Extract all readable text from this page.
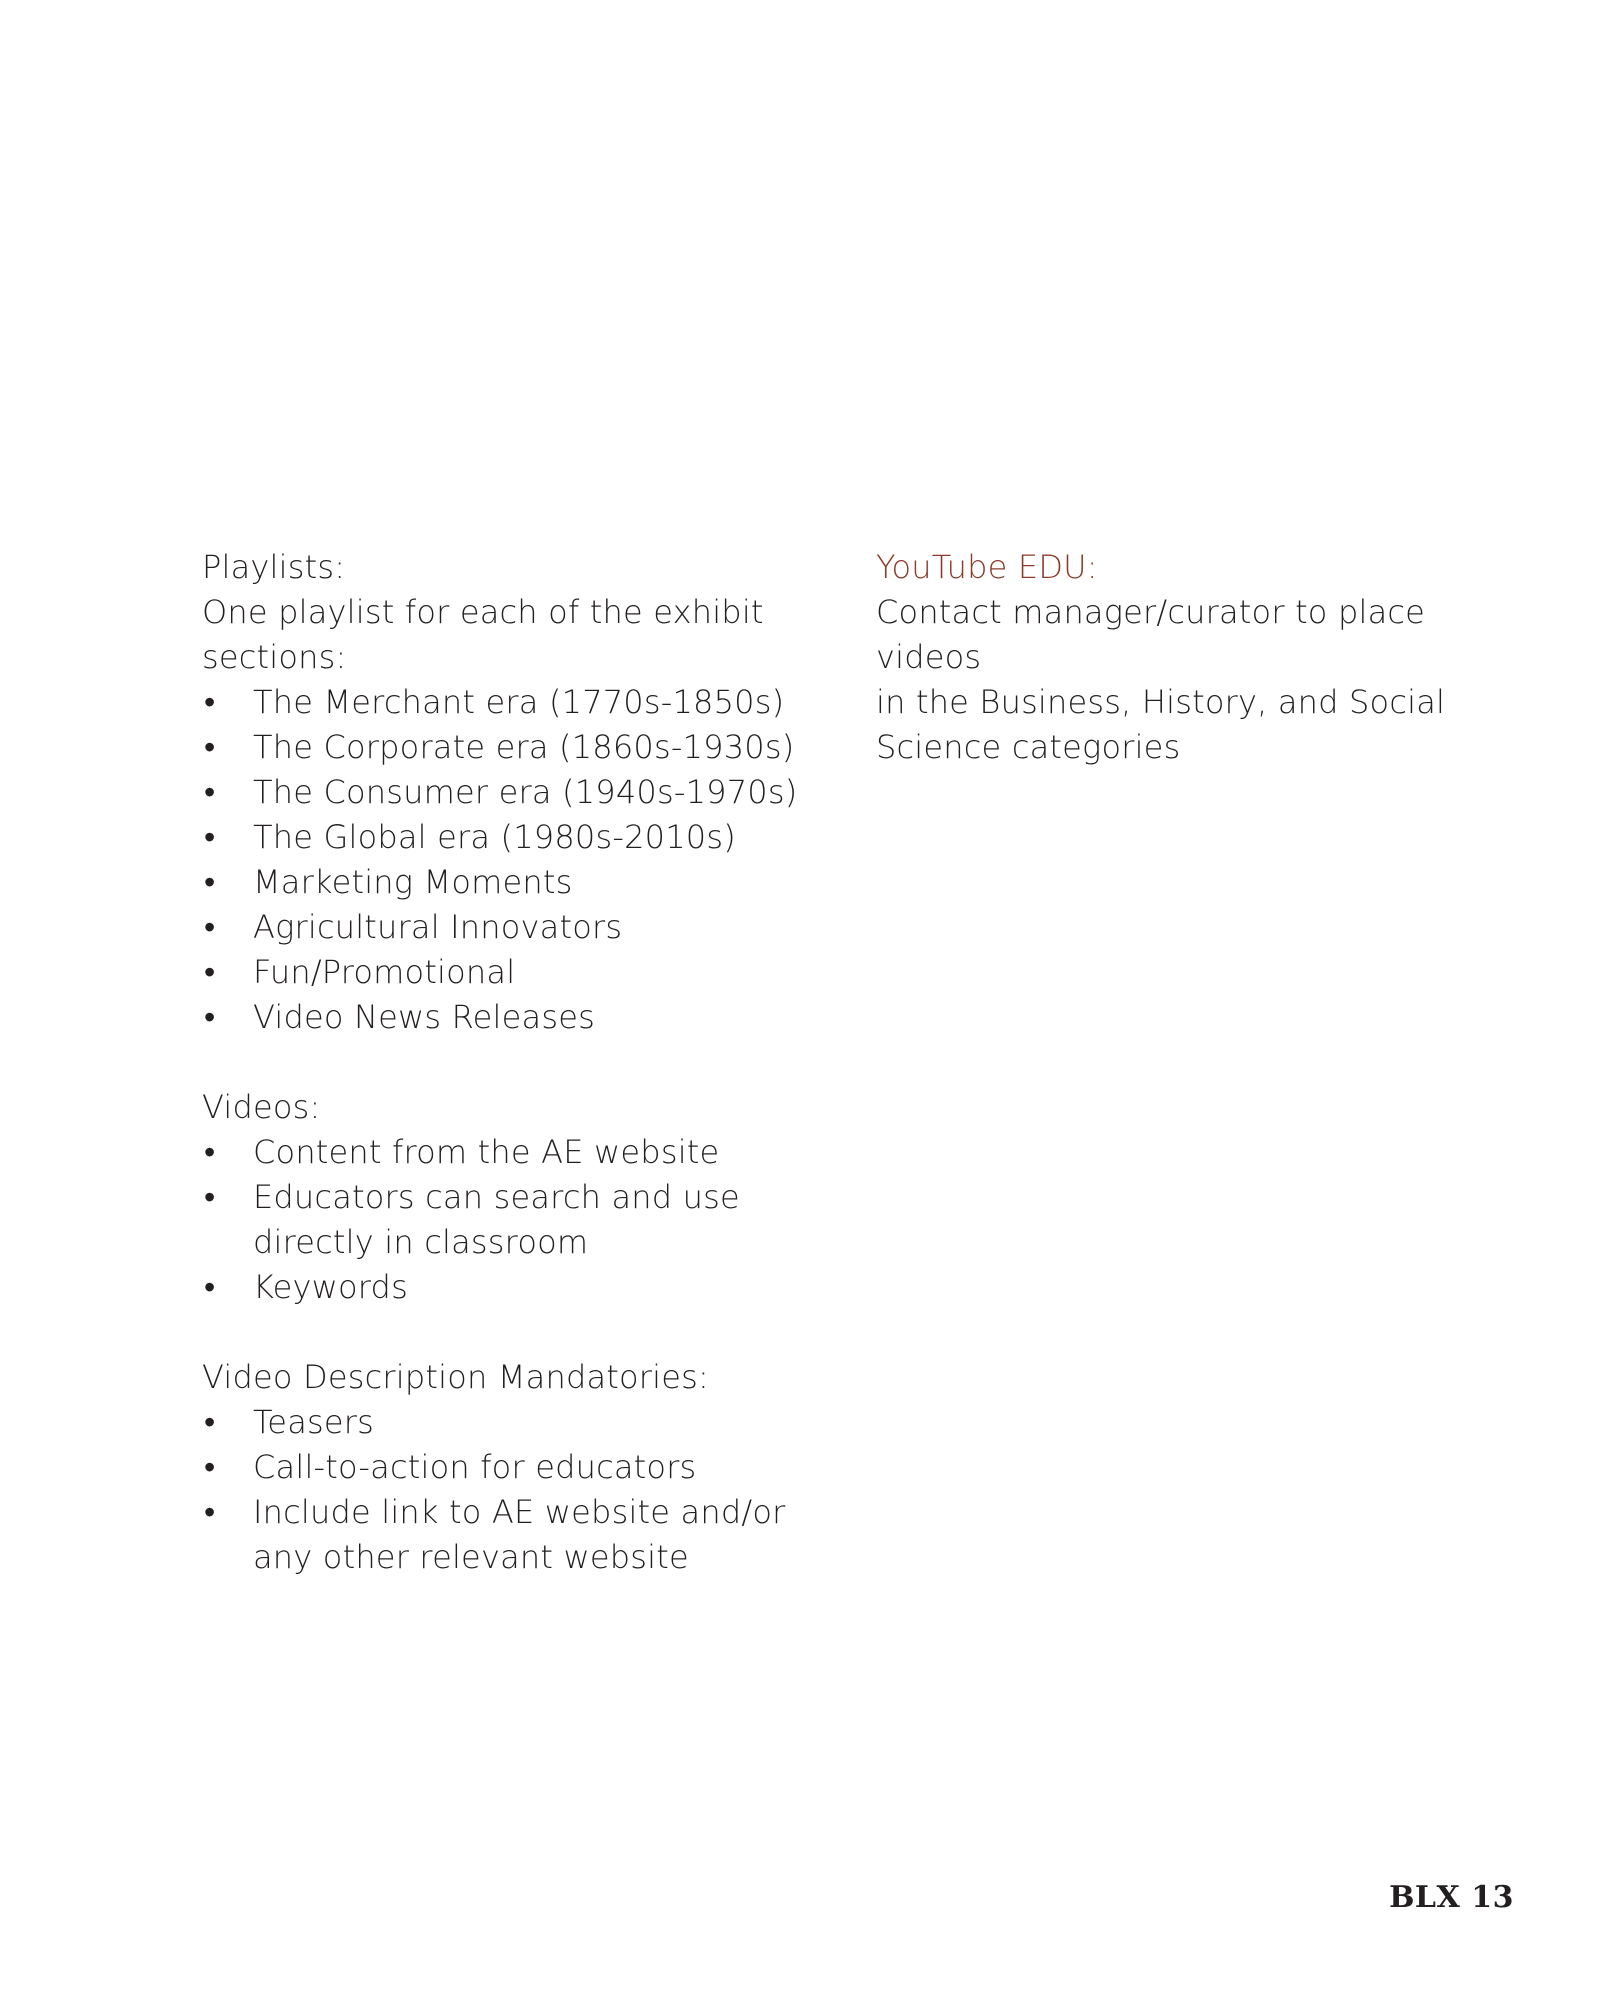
Playlists:
One playlist for each of the exhibit
sections:
• The Merchant era (1770s-1850s)
• The Corporate era (1860s-1930s)
• The Consumer era (1940s-1970s)
• The Global era (1980s-2010s)
• Marketing Moments
• Agricultural Innovators
• Fun/Promotional
• Video News Releases
Videos:
• Content from the AE website
• Educators can search and use directly in classroom
• Keywords
Video Description Mandatories:
• Teasers
• Call-to-action for educators
• Include link to AE website and/or any other relevant website
YouTube EDU:
Contact manager/curator to place videos
in the Business, History, and Social
Science categories
BLX 13
